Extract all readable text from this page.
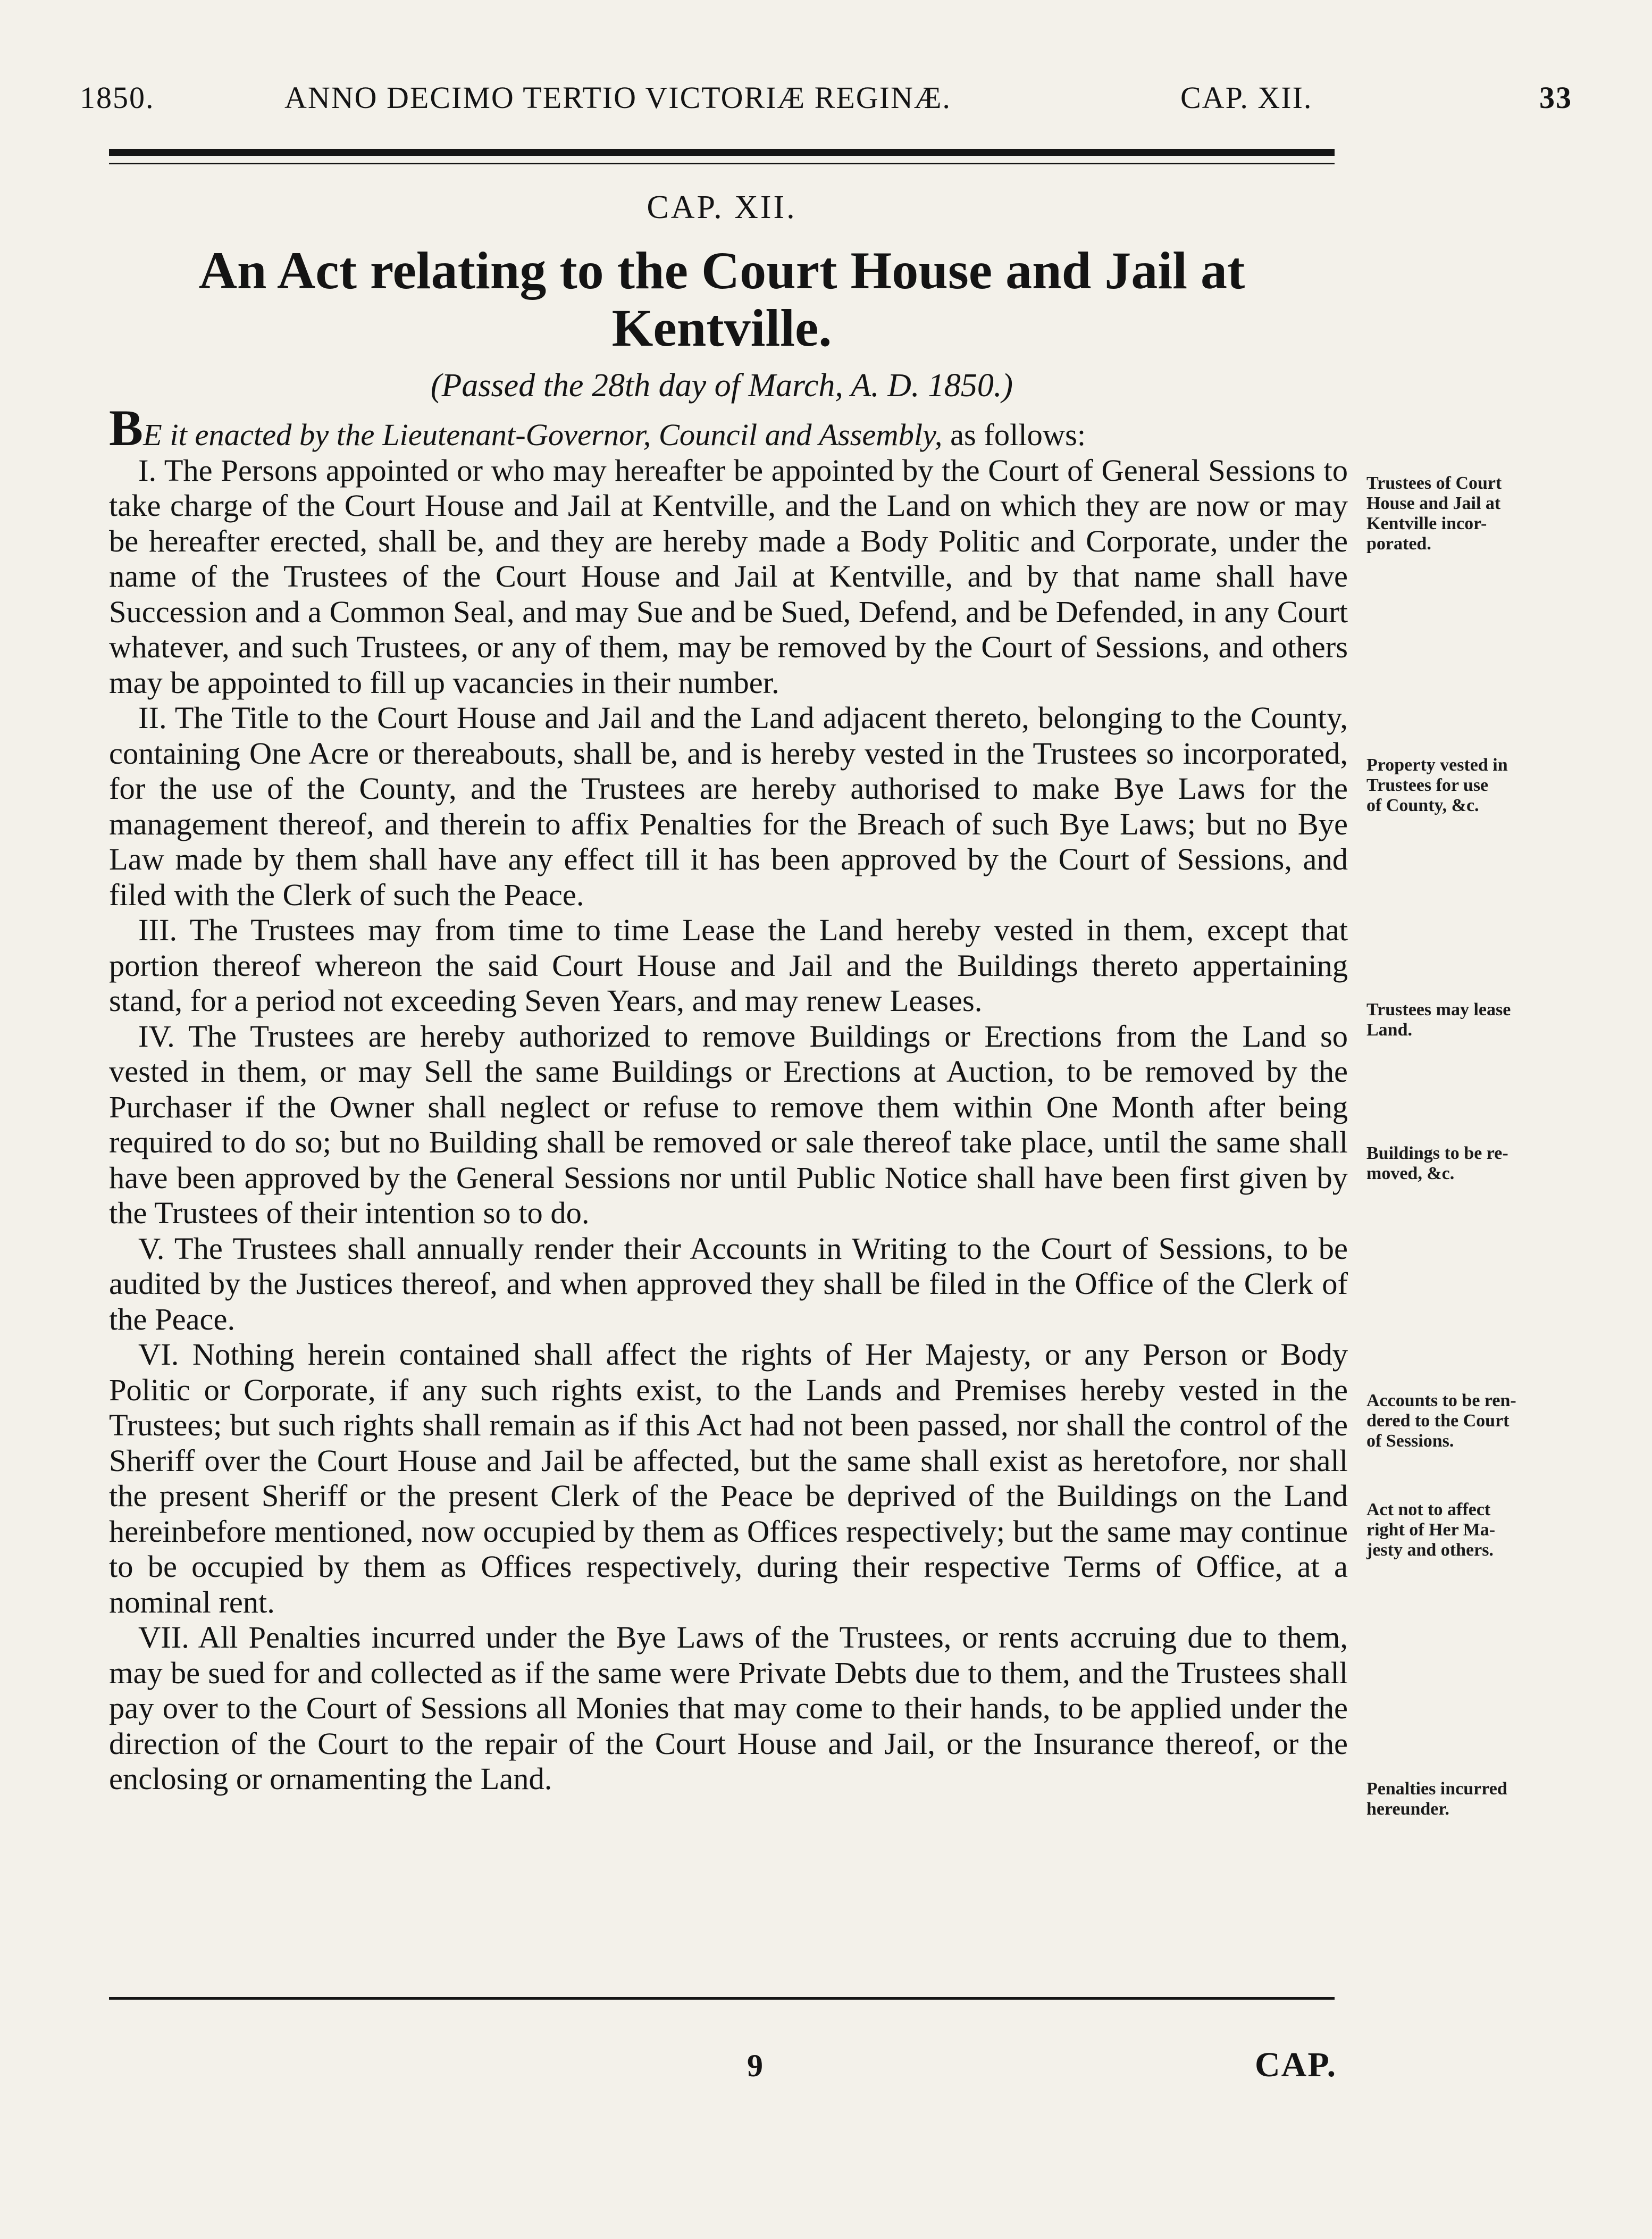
1850.	ANNO DECIMO TERTIO VICTORIÆ REGINÆ.	CAP. XII.	33
CAP. XII.
An Act relating to the Court House and Jail at Kentville.
(Passed the 28th day of March, A. D. 1850.)

BE it enacted by the Lieutenant-Governor, Council and Assembly, as follows:

I. The Persons appointed or who may hereafter be appointed by the Court of General Sessions to take charge of the Court House and Jail at Kentville, and the Land on which they are now or may be hereafter erected, shall be, and they are hereby made a Body Politic and Corporate, under the name of the Trustees of the Court House and Jail at Kentville, and by that name shall have Succession and a Common Seal, and may Sue and be Sued, Defend, and be Defended, in any Court whatever, and such Trustees, or any of them, may be removed by the Court of Sessions, and others may be appointed to fill up vacancies in their number.

II. The Title to the Court House and Jail and the Land adjacent thereto, belonging to the County, containing One Acre or thereabouts, shall be, and is hereby vested in the Trustees so incorporated, for the use of the County, and the Trustees are hereby authorised to make Bye Laws for the management thereof, and therein to affix Penalties for the Breach of such Bye Laws; but no Bye Law made by them shall have any effect till it has been approved by the Court of Sessions, and filed with the Clerk of such the Peace.

III. The Trustees may from time to time Lease the Land hereby vested in them, except that portion thereof whereon the said Court House and Jail and the Buildings thereto appertaining stand, for a period not exceeding Seven Years, and may renew Leases.

IV. The Trustees are hereby authorized to remove Buildings or Erections from the Land so vested in them, or may Sell the same Buildings or Erections at Auction, to be removed by the Purchaser if the Owner shall neglect or refuse to remove them within One Month after being required to do so; but no Building shall be removed or sale thereof take place, until the same shall have been approved by the General Sessions nor until Public Notice shall have been first given by the Trustees of their intention so to do.

V. The Trustees shall annually render their Accounts in Writing to the Court of Sessions, to be audited by the Justices thereof, and when approved they shall be filed in the Office of the Clerk of the Peace.

VI. Nothing herein contained shall affect the rights of Her Majesty, or any Person or Body Politic or Corporate, if any such rights exist, to the Lands and Premises hereby vested in the Trustees; but such rights shall remain as if this Act had not been passed, nor shall the control of the Sheriff over the Court House and Jail be affected, but the same shall exist as heretofore, nor shall the present Sheriff or the present Clerk of the Peace be deprived of the Buildings on the Land hereinbefore mentioned, now occupied by them as Offices respectively; but the same may continue to be occupied by them as Offices respectively, during their respective Terms of Office, at a nominal rent.

VII. All Penalties incurred under the Bye Laws of the Trustees, or rents accruing due to them, may be sued for and collected as if the same were Private Debts due to them, and the Trustees shall pay over to the Court of Sessions all Monies that may come to their hands, to be applied under the direction of the Court to the repair of the Court House and Jail, or the Insurance thereof, or the enclosing or ornamenting the Land.

Trustees of Court
House and Jail at
Kentville incor-
porated.
Property vested in
Trustees for use
of County, &c.
Trustees may lease
Land.
Buildings to be re-
moved, &c.
Accounts to be ren-
dered to the Court
of Sessions.
Act not to affect
right of Her Ma-
jesty and others.
Penalties incurred
hereunder.
9	CAP.
